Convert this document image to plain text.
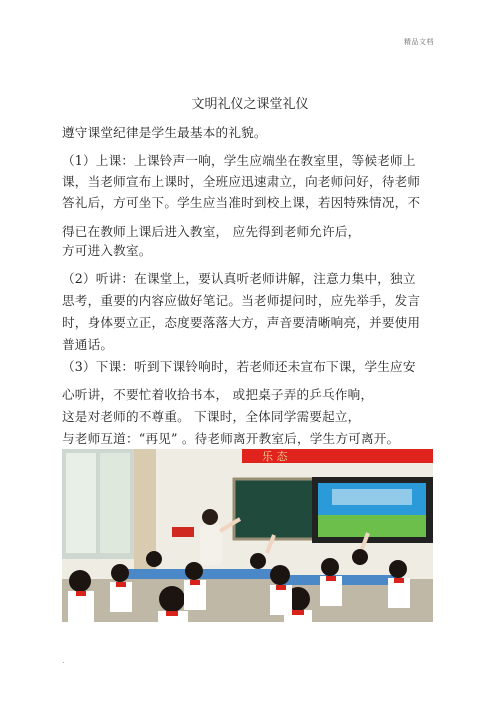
精品文档
文明礼仪之课堂礼仪
遵守课堂纪律是学生最基本的礼貌。
（1）上课：上课铃声一响，学生应端坐在教室里，等候老师上
课，当老师宣布上课时，全班应迅速肃立，向老师问好，待老师
答礼后，方可坐下。学生应当准时到校上课，若因特殊情况，不
得已在教师上课后进入教室， 应先得到老师允许后，
方可进入教室。
（2）听讲：在课堂上，要认真听老师讲解，注意力集中，独立
思考，重要的内容应做好笔记。当老师提问时，应先举手，发言
时，身体要立正，态度要落落大方，声音要清晰响亮，并要使用
普通话。
（3）下课：听到下课铃响时，若老师还未宣布下课，学生应安
心听讲，不要忙着收拾书本， 或把桌子弄的乒乓作响，
这是对老师的不尊重。 下课时，全体同学需要起立，
与老师互道：“再见” 。待老师离开教室后，学生方可离开。
乐 态
.
